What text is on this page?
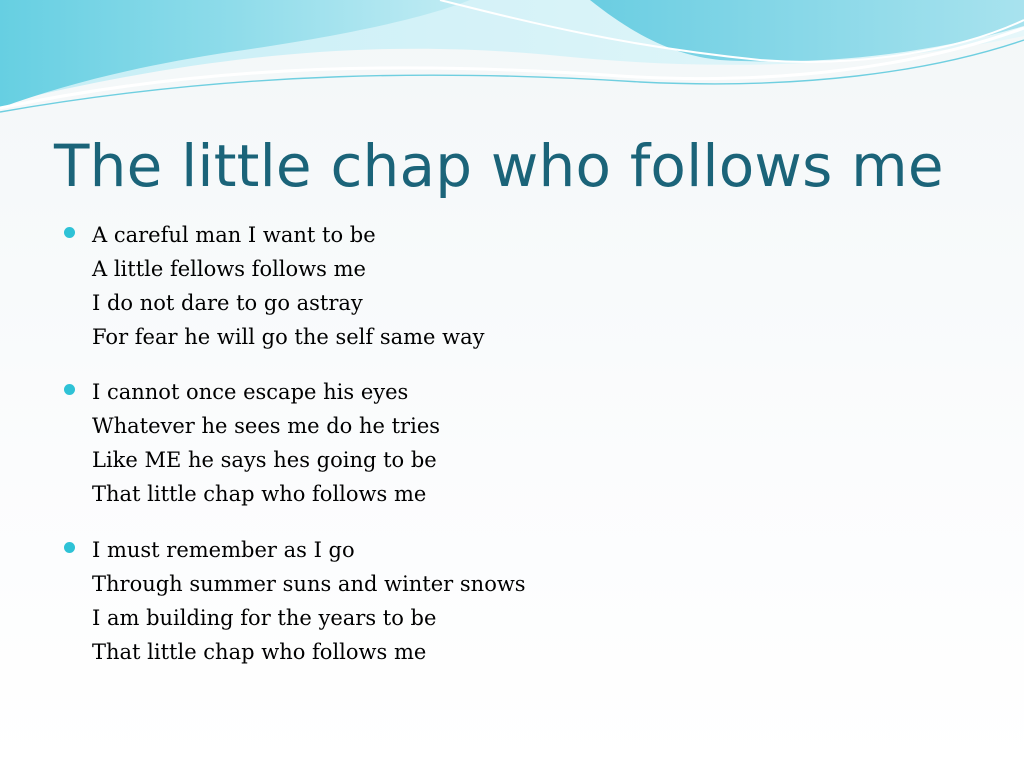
The little chap who follows me
A careful man I want to be
A little fellows follows me
I do not dare to go astray
For fear he will go the self same way
I cannot once escape his eyes
Whatever he sees me do he tries
Like ME he says hes going to be
That little chap who follows me
I must remember as I go
Through summer suns and winter snows
I am building for the years to be
That little chap who follows me
